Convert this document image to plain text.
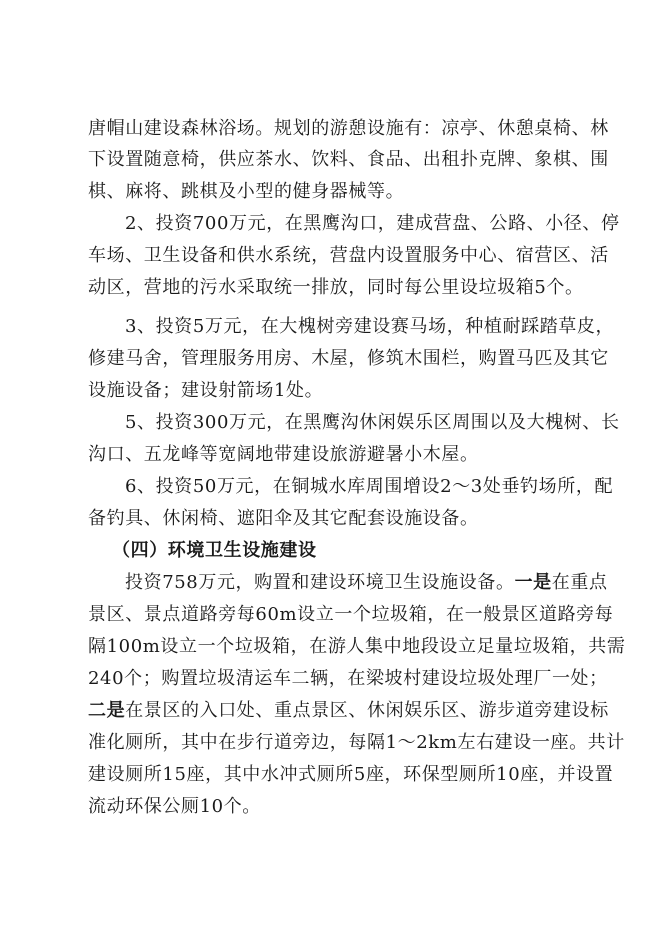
唐帽山建设森林浴场。规划的游憩设施有：凉亭、休憩桌椅、林
下设置随意椅，供应茶水、饮料、食品、出租扑克牌、象棋、围
棋、麻将、跳棋及小型的健身器械等。
2、投资700万元，在黑鹰沟口，建成营盘、公路、小径、停
车场、卫生设备和供水系统，营盘内设置服务中心、宿营区、活
动区，营地的污水采取统一排放，同时每公里设垃圾箱5个。
3、投资5万元，在大槐树旁建设赛马场，种植耐踩踏草皮，
修建马舍，管理服务用房、木屋，修筑木围栏，购置马匹及其它
设施设备；建设射箭场1处。
5、投资300万元，在黑鹰沟休闲娱乐区周围以及大槐树、长
沟口、五龙峰等宽阔地带建设旅游避暑小木屋。
6、投资50万元，在铜城水库周围增设2～3处垂钓场所，配
备钓具、休闲椅、遮阳伞及其它配套设施设备。
（四）环境卫生设施建设
投资758万元，购置和建设环境卫生设施设备。一是在重点
景区、景点道路旁每60m设立一个垃圾箱，在一般景区道路旁每
隔100m设立一个垃圾箱，在游人集中地段设立足量垃圾箱，共需
240个；购置垃圾清运车二辆，在梁坡村建设垃圾处理厂一处；
二是在景区的入口处、重点景区、休闲娱乐区、游步道旁建设标
准化厕所，其中在步行道旁边，每隔1～2km左右建设一座。共计
建设厕所15座，其中水冲式厕所5座，环保型厕所10座，并设置
流动环保公厕10个。
